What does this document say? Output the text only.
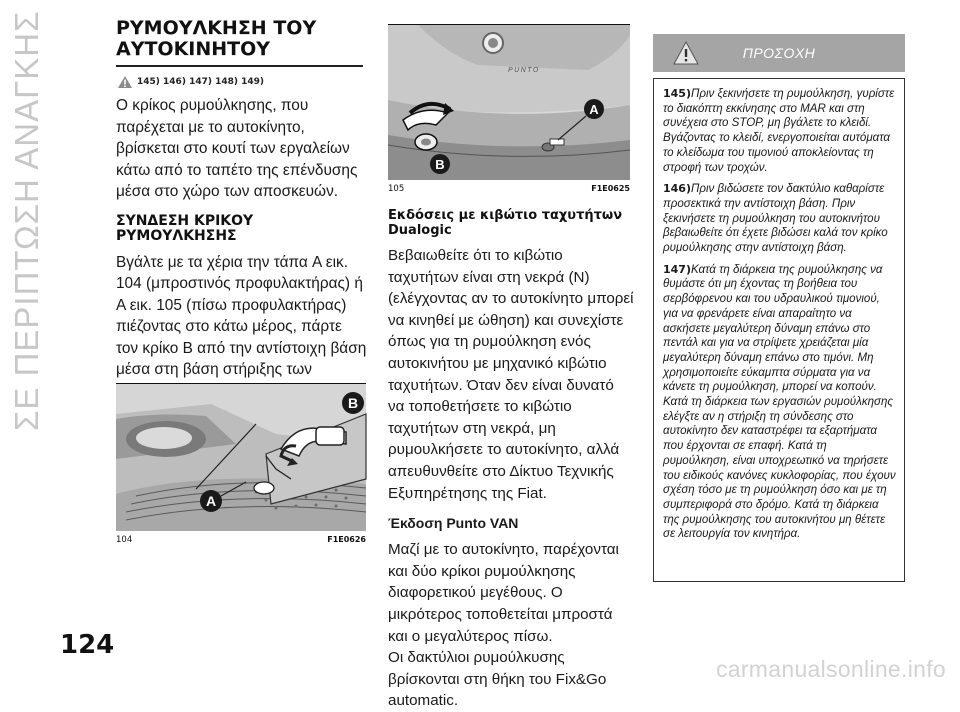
ΣΕ ΠΕΡΙΠΤΩΣΗ ΑΝΑΓΚΗΣ	ΡΥΜΟΥΛΚΗΣΗ ΤΟΥ ΑΥΤΟΚΙΝΗΤΟΥ
145) 146) 147) 148) 149)

Ο κρίκος ρυμούλκησης, που παρέχεται με το αυτοκίνητο, βρίσκεται στο κουτί των εργαλείων κάτω από το ταπέτο της επένδυσης μέσα στο χώρο των αποσκευών.

ΣΥΝΔΕΣΗ ΚΡΙΚΟΥ ΡΥΜΟΥΛΚΗΣΗΣ

Βγάλτε με τα χέρια την τάπα A εικ. 104 (μπροστινός προφυλακτήρας) ή A εικ. 105 (πίσω προφυλακτήρας) πιέζοντας στο κάτω μέρος, πάρτε τον κρίκο B από την αντίστοιχη βάση μέσα στη βάση στήριξης των

B
A
104	F1E0626
PUNTO
B
A
105	F1E0625
Εκδόσεις με κιβώτιο ταχυτήτων Dualogic

Βεβαιωθείτε ότι το κιβώτιο ταχυτήτων είναι στη νεκρά (N) (ελέγχοντας αν το αυτοκίνητο μπορεί να κινηθεί με ώθηση) και συνεχίστε όπως για τη ρυμούλκηση ενός αυτοκινήτου με μηχανικό κιβώτιο ταχυτήτων. Όταν δεν είναι δυνατό να τοποθετήσετε το κιβώτιο ταχυτήτων στη νεκρά, μη ρυμουλκήσετε το αυτοκίνητο, αλλά απευθυνθείτε στο Δίκτυο Τεχνικής Εξυπηρέτησης της Fiat.

Έκδοση Punto VAN

Μαζί με το αυτοκίνητο, παρέχονται και δύο κρίκοι ρυμούλκησης διαφορετικού μεγέθους. Ο μικρότερος τοποθετείται μπροστά και ο μεγαλύτερος πίσω.

Οι δακτύλιοι ρυμούλκυσης βρίσκονται στη θήκη του Fix&Go automatic.

ΠΡΟΣΟΧΗ

145)Πριν ξεκινήσετε τη ρυμούλκηση, γυρίστε το διακόπτη εκκίνησης στο MAR και στη συνέχεια στο STOP, μη βγάλετε το κλειδί. Βγάζοντας το κλειδί, ενεργοποιείται αυτόματα το κλείδωμα του τιμονιού αποκλείοντας τη στροφή των τροχών.

146)Πριν βιδώσετε τον δακτύλιο καθαρίστε προσεκτικά την αντίστοιχη βάση. Πριν ξεκινήσετε τη ρυμούλκηση του αυτοκινήτου βεβαιωθείτε ότι έχετε βιδώσει καλά τον κρίκο ρυμούλκησης στην αντίστοιχη βάση.

147)Κατά τη διάρκεια της ρυμούλκησης να θυμάστε ότι μη έχοντας τη βοήθεια του σερβόφρενου και του υδραυλικού τιμονιού, για να φρενάρετε είναι απαραίτητο να ασκήσετε μεγαλύτερη δύναμη επάνω στο πεντάλ και για να στρίψετε χρειάζεται μία μεγαλύτερη δύναμη επάνω στο τιμόνι. Μη χρησιμοποιείτε εύκαμπτα σύρματα για να κάνετε τη ρυμούλκηση, μπορεί να κοπούν. Κατά τη διάρκεια των εργασιών ρυμούλκησης ελέγξτε αν η στήριξη τη σύνδεσης στο αυτοκίνητο δεν καταστρέφει τα εξαρτήματα που έρχονται σε επαφή. Κατά τη ρυμούλκηση, είναι υποχρεωτικό να τηρήσετε του ειδικούς κανόνες κυκλοφορίας, που έχουν σχέση τόσο με τη ρυμούλκηση όσο και με τη συμπεριφορά στο δρόμο. Κατά τη διάρκεια της ρυμούλκησης του αυτοκινήτου μη θέτετε σε λειτουργία τον κινητήρα.

124
carmanualsonline.info
